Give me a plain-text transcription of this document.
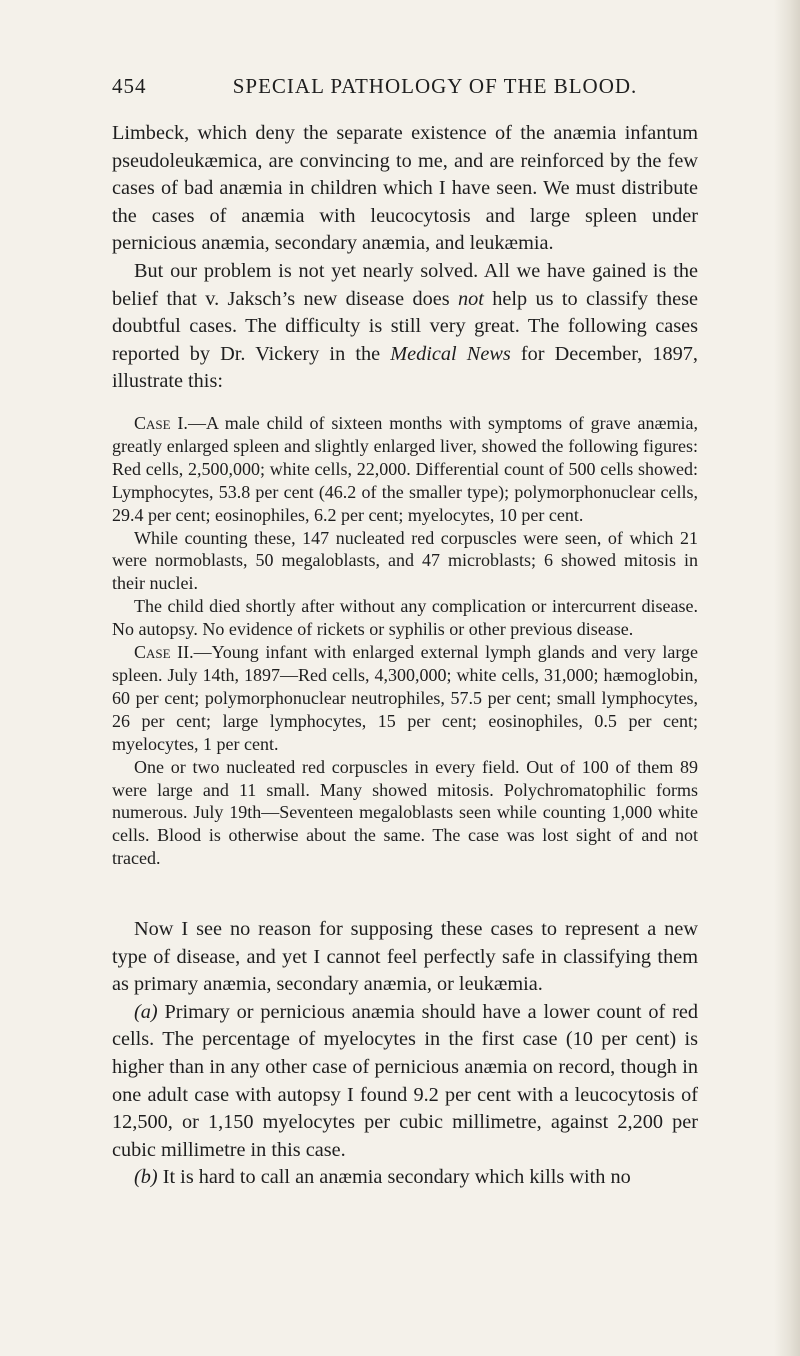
454	SPECIAL PATHOLOGY OF THE BLOOD.

Limbeck, which deny the separate existence of the anæmia infantum pseudoleukæmica, are convincing to me, and are reinforced by the few cases of bad anæmia in children which I have seen. We must distribute the cases of anæmia with leucocytosis and large spleen under pernicious anæmia, secondary anæmia, and leukæmia.

But our problem is not yet nearly solved. All we have gained is the belief that v. Jaksch’s new disease does not help us to classify these doubtful cases. The difficulty is still very great. The following cases reported by Dr. Vickery in the Medical News for December, 1897, illustrate this:

Case I.—A male child of sixteen months with symptoms of grave anæmia, greatly enlarged spleen and slightly enlarged liver, showed the following figures: Red cells, 2,500,000; white cells, 22,000. Differential count of 500 cells showed: Lymphocytes, 53.8 per cent (46.2 of the smaller type); polymorphonuclear cells, 29.4 per cent; eosinophiles, 6.2 per cent; myelocytes, 10 per cent.

While counting these, 147 nucleated red corpuscles were seen, of which 21 were normoblasts, 50 megaloblasts, and 47 microblasts; 6 showed mitosis in their nuclei.

The child died shortly after without any complication or intercurrent disease. No autopsy. No evidence of rickets or syphilis or other previous disease.

Case II.—Young infant with enlarged external lymph glands and very large spleen. July 14th, 1897—Red cells, 4,300,000; white cells, 31,000; hæmoglobin, 60 per cent; polymorphonuclear neutrophiles, 57.5 per cent; small lymphocytes, 26 per cent; large lymphocytes, 15 per cent; eosinophiles, 0.5 per cent; myelocytes, 1 per cent.

One or two nucleated red corpuscles in every field. Out of 100 of them 89 were large and 11 small. Many showed mitosis. Polychromatophilic forms numerous. July 19th—Seventeen megaloblasts seen while counting 1,000 white cells. Blood is otherwise about the same. The case was lost sight of and not traced.

Now I see no reason for supposing these cases to represent a new type of disease, and yet I cannot feel perfectly safe in classifying them as primary anæmia, secondary anæmia, or leukæmia.

(a) Primary or pernicious anæmia should have a lower count of red cells. The percentage of myelocytes in the first case (10 per cent) is higher than in any other case of pernicious anæmia on record, though in one adult case with autopsy I found 9.2 per cent with a leucocytosis of 12,500, or 1,150 myelocytes per cubic millimetre, against 2,200 per cubic millimetre in this case.

(b) It is hard to call an anæmia secondary which kills with no
